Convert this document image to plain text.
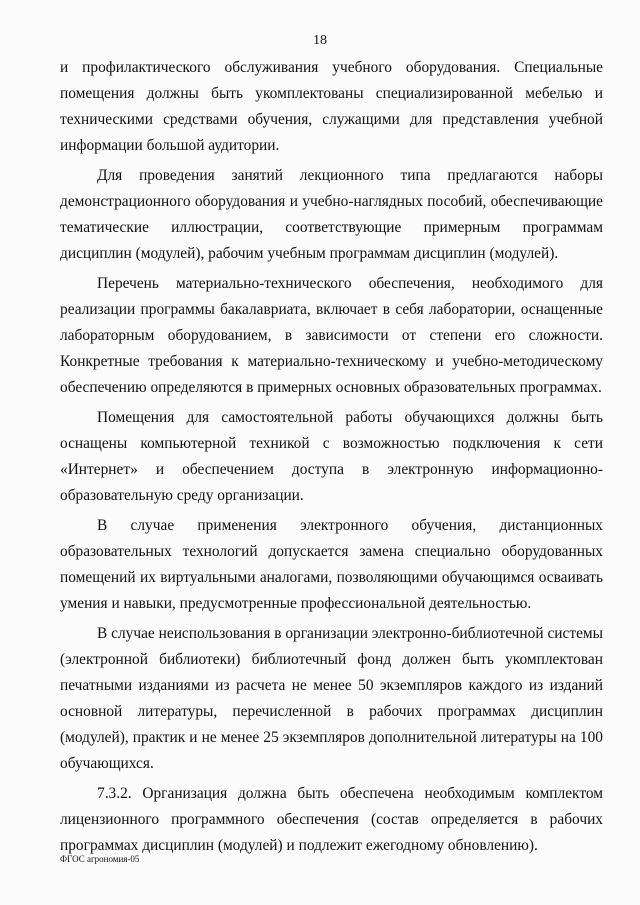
18

и профилактического обслуживания учебного оборудования. Специальные помещения должны быть укомплектованы специализированной мебелью и техническими средствами обучения, служащими для представления учебной информации большой аудитории.

Для проведения занятий лекционного типа предлагаются наборы демонстрационного оборудования и учебно-наглядных пособий, обеспечивающие тематические иллюстрации, соответствующие примерным программам дисциплин (модулей), рабочим учебным программам дисциплин (модулей).

Перечень материально-технического обеспечения, необходимого для реализации программы бакалавриата, включает в себя лаборатории, оснащенные лабораторным оборудованием, в зависимости от степени его сложности. Конкретные требования к материально-техническому и учебно-методическому обеспечению определяются в примерных основных образовательных программах.

Помещения для самостоятельной работы обучающихся должны быть оснащены компьютерной техникой с возможностью подключения к сети «Интернет» и обеспечением доступа в электронную информационно-образовательную среду организации.

В случае применения электронного обучения, дистанционных образовательных технологий допускается замена специально оборудованных помещений их виртуальными аналогами, позволяющими обучающимся осваивать умения и навыки, предусмотренные профессиональной деятельностью.

В случае неиспользования в организации электронно-библиотечной системы (электронной библиотеки) библиотечный фонд должен быть укомплектован печатными изданиями из расчета не менее 50 экземпляров каждого из изданий основной литературы, перечисленной в рабочих программах дисциплин (модулей), практик и не менее 25 экземпляров дополнительной литературы на 100 обучающихся.

7.3.2. Организация должна быть обеспечена необходимым комплектом лицензионного программного обеспечения (состав определяется в рабочих программах дисциплин (модулей) и подлежит ежегодному обновлению).

ФГОС агрономия-05
